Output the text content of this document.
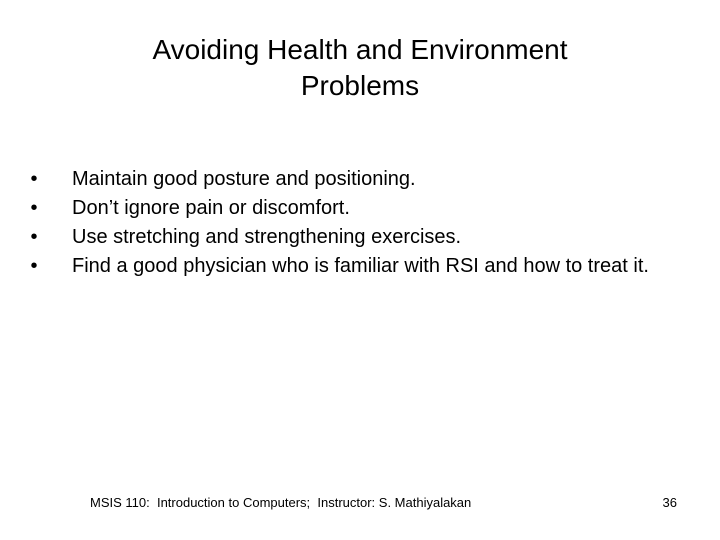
Avoiding Health and Environment
Problems
•	Maintain good posture and positioning.
•	Don’t ignore pain or discomfort.
•	Use stretching and strengthening exercises.
•	Find a good physician who is familiar with RSI and how to treat it.
MSIS 110:  Introduction to Computers;  Instructor: S. Mathiyalakan	36
